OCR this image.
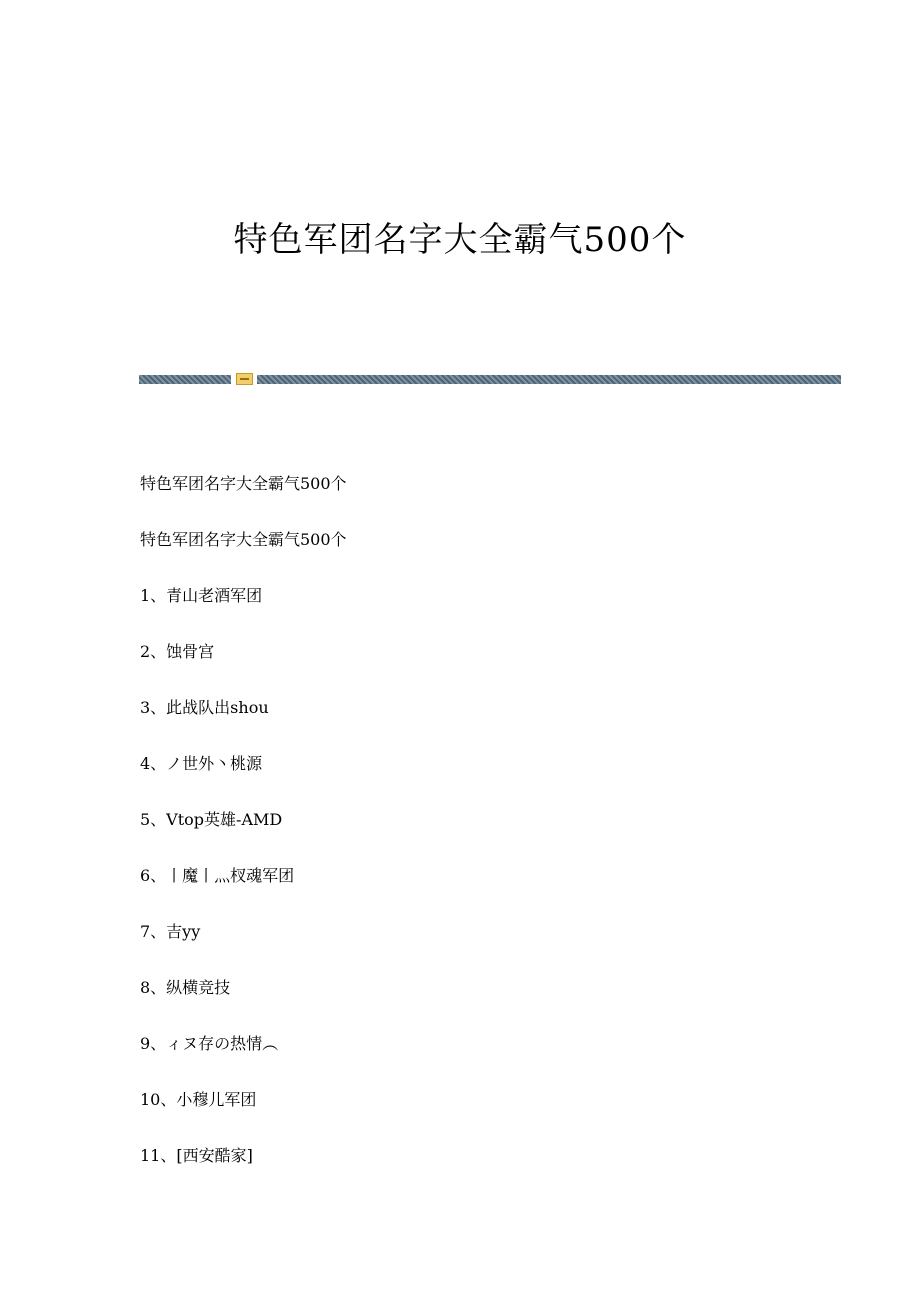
特色军团名字大全霸气500个
特色军团名字大全霸气500个
特色军团名字大全霸气500个
1、青山老酒军团
2、蚀骨宫
3、此战队出shou
4、ノ世外丶桃源
5、Vtop英雄-AMD
6、丨魔丨灬杈魂军团
7、吉yy
8、纵横竞技
9、ィヌ存の热情︵
10、小穆儿军团
11、[西安酷家]
